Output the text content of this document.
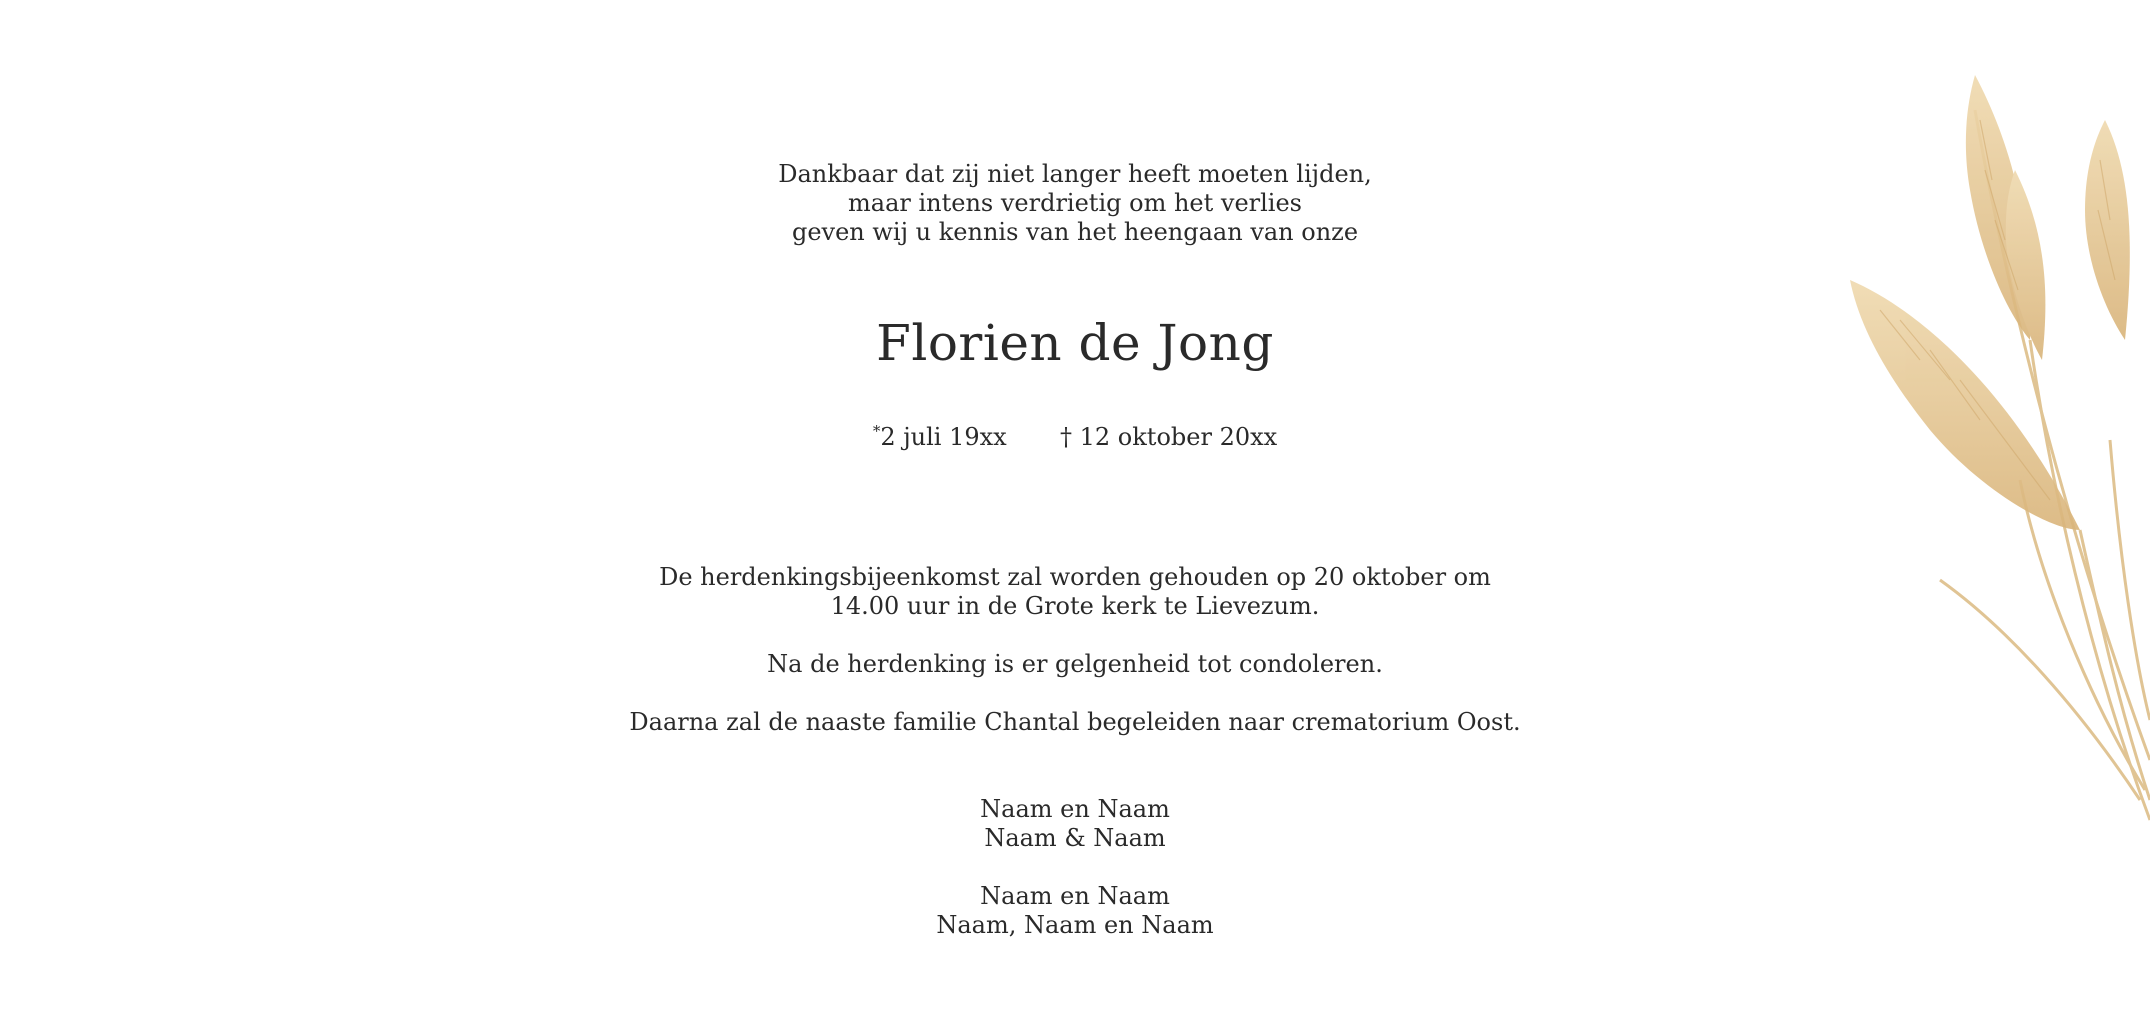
Dankbaar dat zij niet langer heeft moeten lijden,
maar intens verdrietig om het verlies
geven wij u kennis van het heengaan van onze
Florien de Jong
*2 juli 19xx † 12 oktober 20xx

De herdenkingsbijeenkomst zal worden gehouden op 20 oktober om
14.00 uur in de Grote kerk te Lievezum.

Na de herdenking is er gelgenheid tot condoleren.

Daarna zal de naaste familie Chantal begeleiden naar crematorium Oost.

Naam en Naam
Naam & Naam
Naam en Naam
Naam, Naam en Naam
